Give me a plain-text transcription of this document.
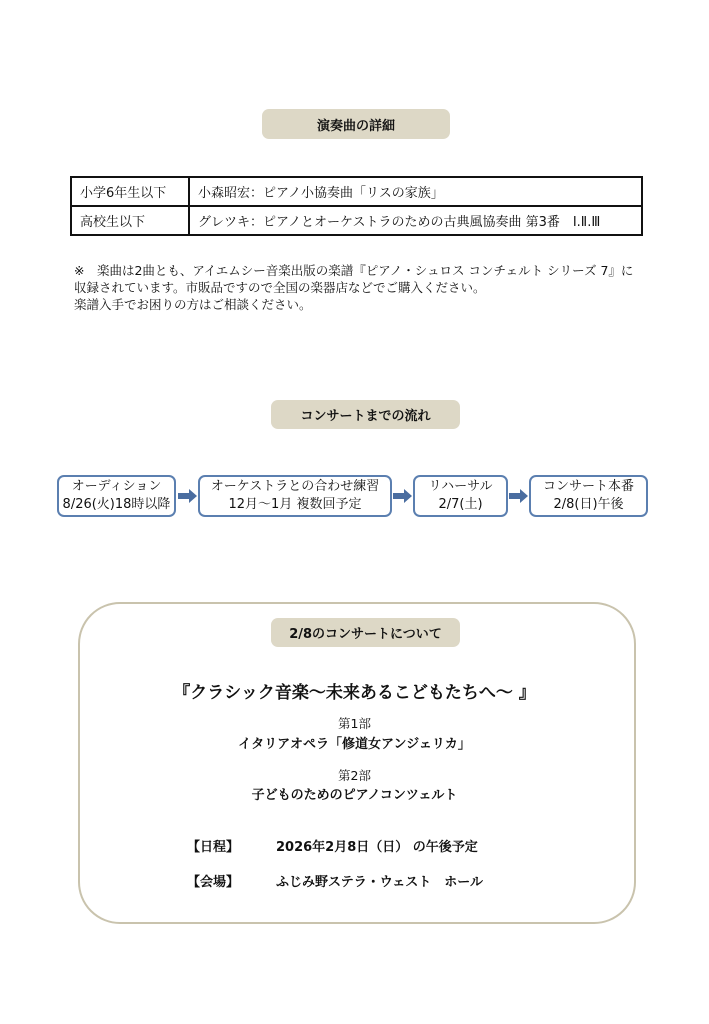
演奏曲の詳細
小学6年生以下	小森昭宏：ピアノ小協奏曲「リスの家族」
高校生以下	グレツキ：ピアノとオーケストラのための古典風協奏曲 第3番　Ⅰ.Ⅱ.Ⅲ

※　楽曲は2曲とも、アイエムシー音楽出版の楽譜『ピアノ・シュロス コンチェルト シリーズ 7』に

収録されています。市販品ですので全国の楽器店などでご購入ください。

楽譜入手でお困りの方はご相談ください。

コンサートまでの流れ
オーディション
8/26(火)18時以降
オーケストラとの合わせ練習
12月～1月 複数回予定
リハーサル
2/7(土)
コンサート本番
2/8(日)午後
2/8のコンサートについて
『クラシック音楽～未来あるこどもたちへ～ 』
第1部
イタリアオペラ「修道女アンジェリカ」
第2部
子どものためのピアノコンツェルト
【日程】	2026年2月8日（日） の午後予定
【会場】	ふじみ野ステラ・ウェスト　ホール
